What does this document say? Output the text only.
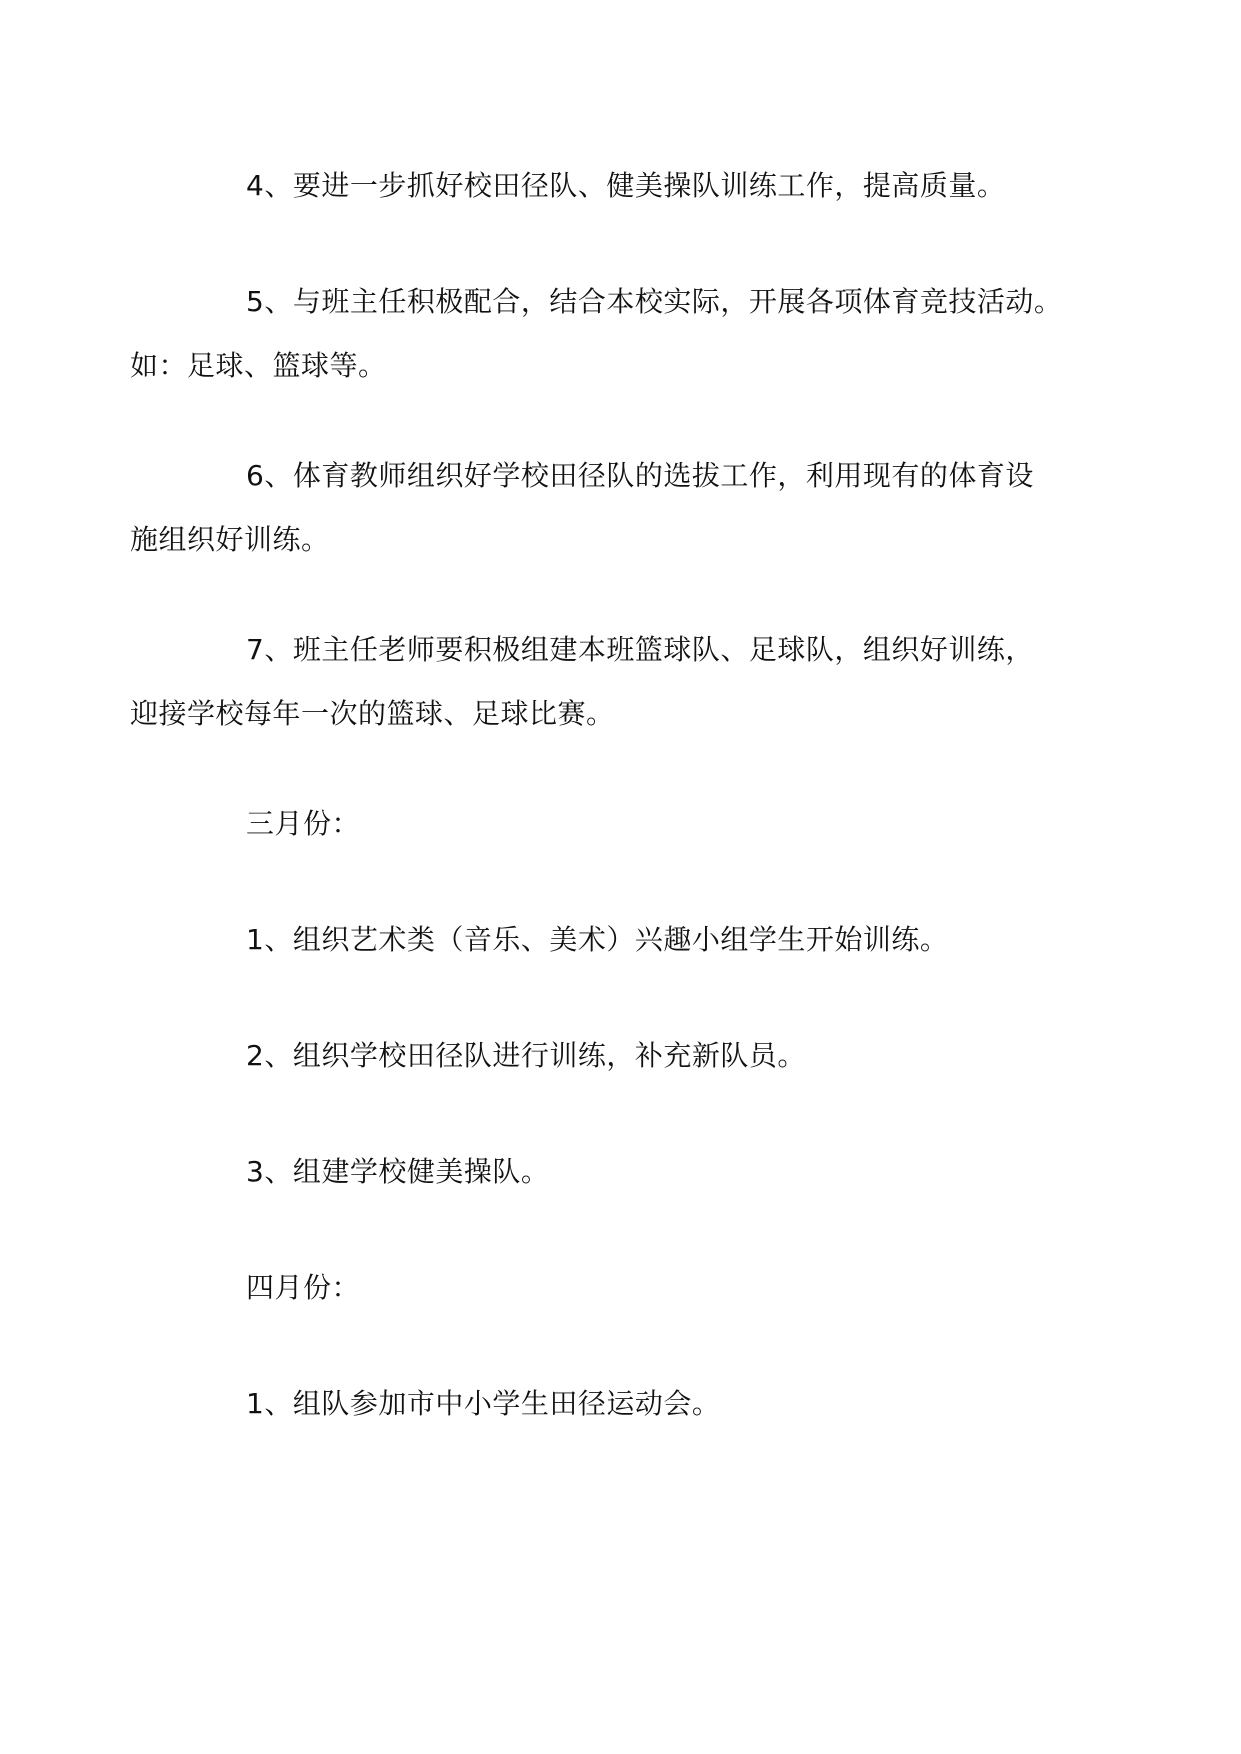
4、要进一步抓好校田径队、健美操队训练工作，提高质量。

5、与班主任积极配合，结合本校实际，开展各项体育竞技活动。
如：足球、篮球等。

6、体育教师组织好学校田径队的选拔工作，利用现有的体育设
施组织好训练。

7、班主任老师要积极组建本班篮球队、足球队，组织好训练，
迎接学校每年一次的篮球、足球比赛。

三月份：

1、组织艺术类（音乐、美术）兴趣小组学生开始训练。

2、组织学校田径队进行训练，补充新队员。

3、组建学校健美操队。

四月份：

1、组队参加市中小学生田径运动会。
